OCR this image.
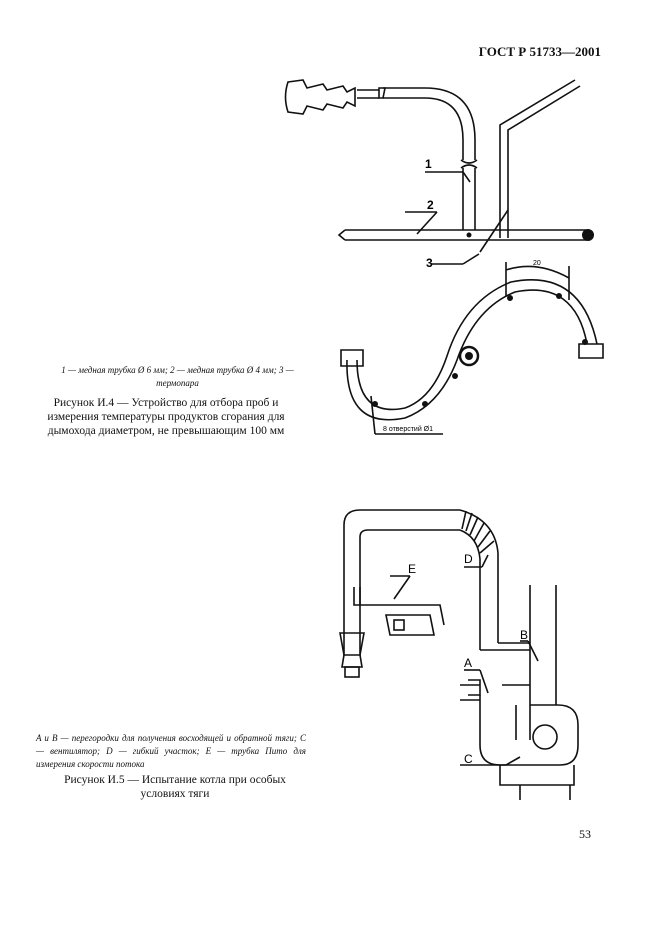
ГОСТ Р 51733—2001
1
2
3	20
8 отверстий Ø1
1 — медная трубка Ø 6 мм; 2 — медная трубка Ø 4 мм; 3 — термопара
Рисунок И.4 — Устройство для отбора проб и измерения температуры продуктов сгорания для дымохода диаметром, не превышающим 100 мм
E
D
B
A
C
A и B — перегородки для получения восходящей и обратной тяги; C — вентилятор; D — гибкий участок; E — трубка Пито для измерения скорости потока
Рисунок И.5 — Испытание котла при особых условиях тяги
53
